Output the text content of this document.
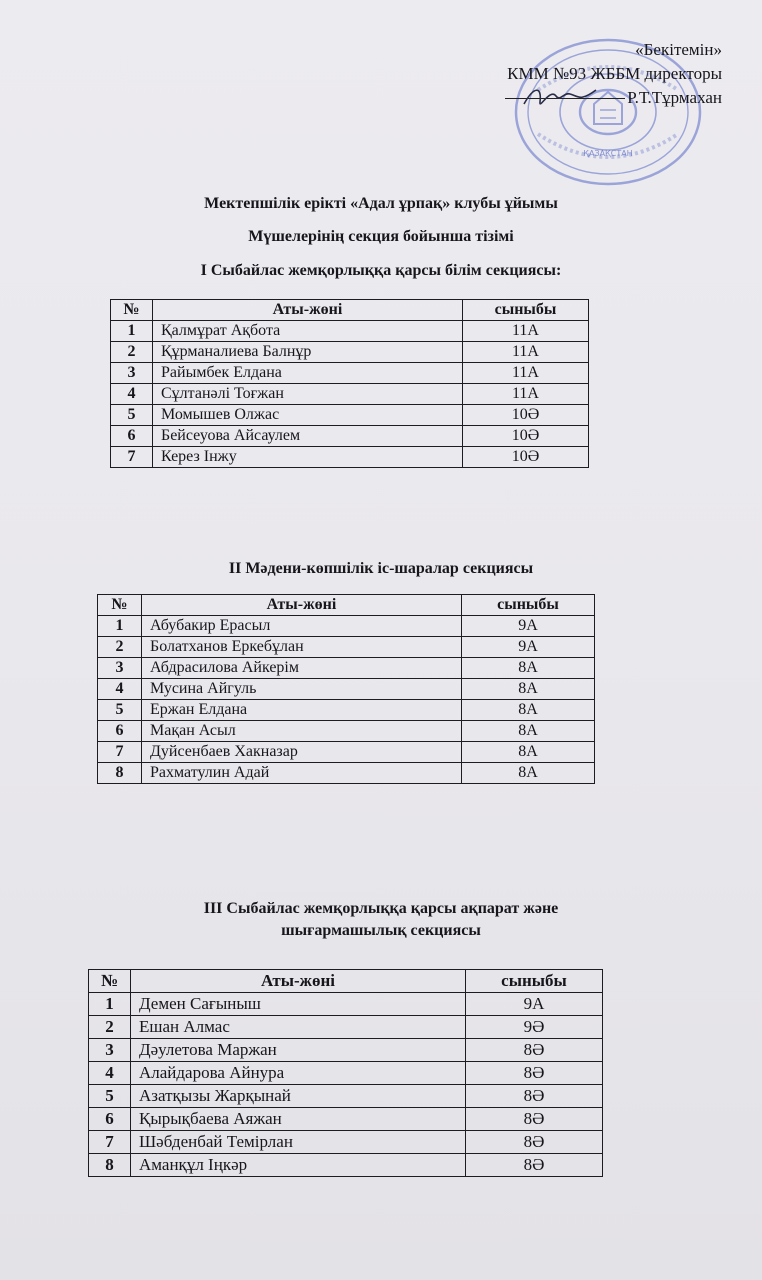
ҚАЗАҚСТАН
«Бекітемін»
КММ №93 ЖББМ директоры
Р.Т.Тұрмахан
Мектепшілік ерікті «Адал ұрпақ» клубы ұйымы
Мүшелерінің секция бойынша тізімі
I Сыбайлас жемқорлыққа қарсы білім секциясы:
№	Аты-жөні	сыныбы
1	Қалмұрат Ақбота	11А
2	Құрманалиева Балнұр	11А
3	Райымбек Елдана	11А
4	Сұлтанәлі Тоғжан	11А
5	Момышев Олжас	10Ә
6	Бейсеуова Айсаулем	10Ә
7	Керез Інжу	10Ә
II Мәдени-көпшілік іс-шаралар секциясы
№	Аты-жөні	сыныбы
1	Абубакир Ерасыл	9А
2	Болатханов Еркебұлан	9А
3	Абдрасилова Айкерім	8А
4	Мусина Айгуль	8А
5	Ержан Елдана	8А
6	Мақан Асыл	8А
7	Дуйсенбаев Хакназар	8А
8	Рахматулин Адай	8А
III Сыбайлас жемқорлыққа қарсы ақпарат және
шығармашылық секциясы
№	Аты-жөні	сыныбы
1	Демен Сағыныш	9А
2	Ешан Алмас	9Ә
3	Дәулетова Маржан	8Ә
4	Алайдарова Айнура	8Ә
5	Азатқызы Жарқынай	8Ә
6	Қырықбаева Аяжан	8Ә
7	Шәбденбай Темірлан	8Ә
8	Аманқұл Іңкәр	8Ә
